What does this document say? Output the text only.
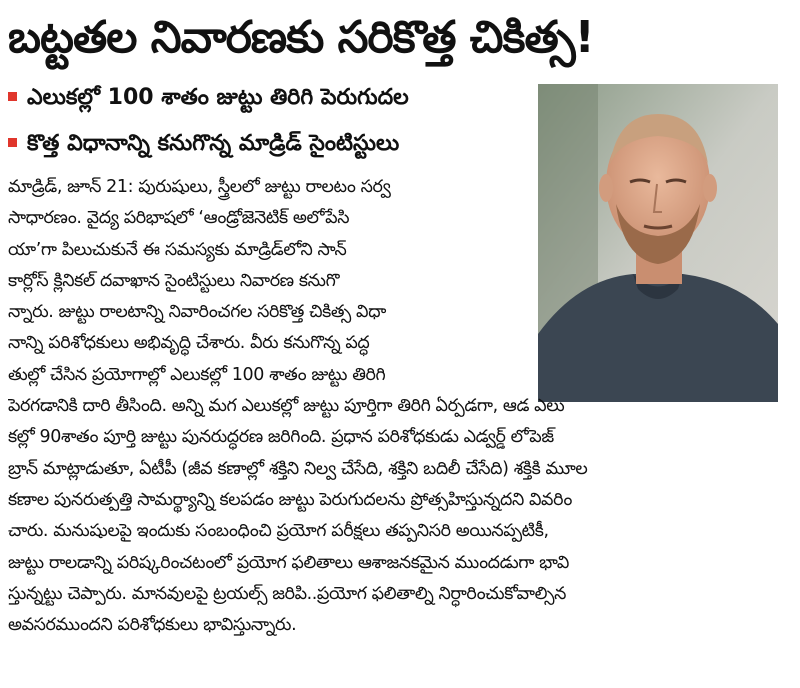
బట్టతల నివారణకు సరికొత్త చికిత్స!
ఎలుకల్లో 100 శాతం జుట్టు తిరిగి పెరుగుదల
కొత్త విధానాన్ని కనుగొన్న మాడ్రిడ్ సైంటిస్టులు
మాడ్రిడ్, జూన్ 21: పురుషులు, స్త్రీలలో జుట్టు రాలటం సర్వ
సాధారణం. వైద్య పరిభాషలో ‘ఆండ్రోజెనెటిక్ అలోపేసి
యా’గా పిలుచుకునే ఈ సమస్యకు మాడ్రిడ్‌లోని సాన్
కార్లోస్ క్లినికల్ దవాఖాన సైంటిస్టులు నివారణ కనుగొ
న్నారు. జుట్టు రాలటాన్ని నివారించగల సరికొత్త చికిత్స విధా
నాన్ని పరిశోధకులు అభివృద్ధి చేశారు. వీరు కనుగొన్న పద్ధ
తుల్లో చేసిన ప్రయోగాల్లో ఎలుకల్లో 100 శాతం జుట్టు తిరిగి
పెరగడానికి దారి తీసింది. అన్ని మగ ఎలుకల్లో జుట్టు పూర్తిగా తిరిగి ఏర్పడగా, ఆడ ఎలు
కల్లో 90శాతం పూర్తి జుట్టు పునరుద్ధరణ జరిగింది. ప్రధాన పరిశోధకుడు ఎడ్వర్డ్ లోపెజ్
బ్రాన్ మాట్లాడుతూ, ఏటీపీ (జీవ కణాల్లో శక్తిని నిల్వ చేసేది, శక్తిని బదిలీ చేసేది) శక్తికి మూల
కణాల పునరుత్పత్తి సామర్థ్యాన్ని కలపడం జుట్టు పెరుగుదలను ప్రోత్సహిస్తున్నదని వివరిం
చారు. మనుషులపై ఇందుకు సంబంధించి ప్రయోగ పరీక్షలు తప్పనిసరి అయినప్పటికీ,
జుట్టు రాలడాన్ని పరిష్కరించటంలో ప్రయోగ ఫలితాలు ఆశాజనకమైన ముందడుగా భావి
స్తున్నట్టు చెప్పారు. మానవులపై ట్రయల్స్ జరిపి..ప్రయోగ ఫలితాల్ని నిర్ధారించుకోవాల్సిన
అవసరముందని పరిశోధకులు భావిస్తున్నారు.
